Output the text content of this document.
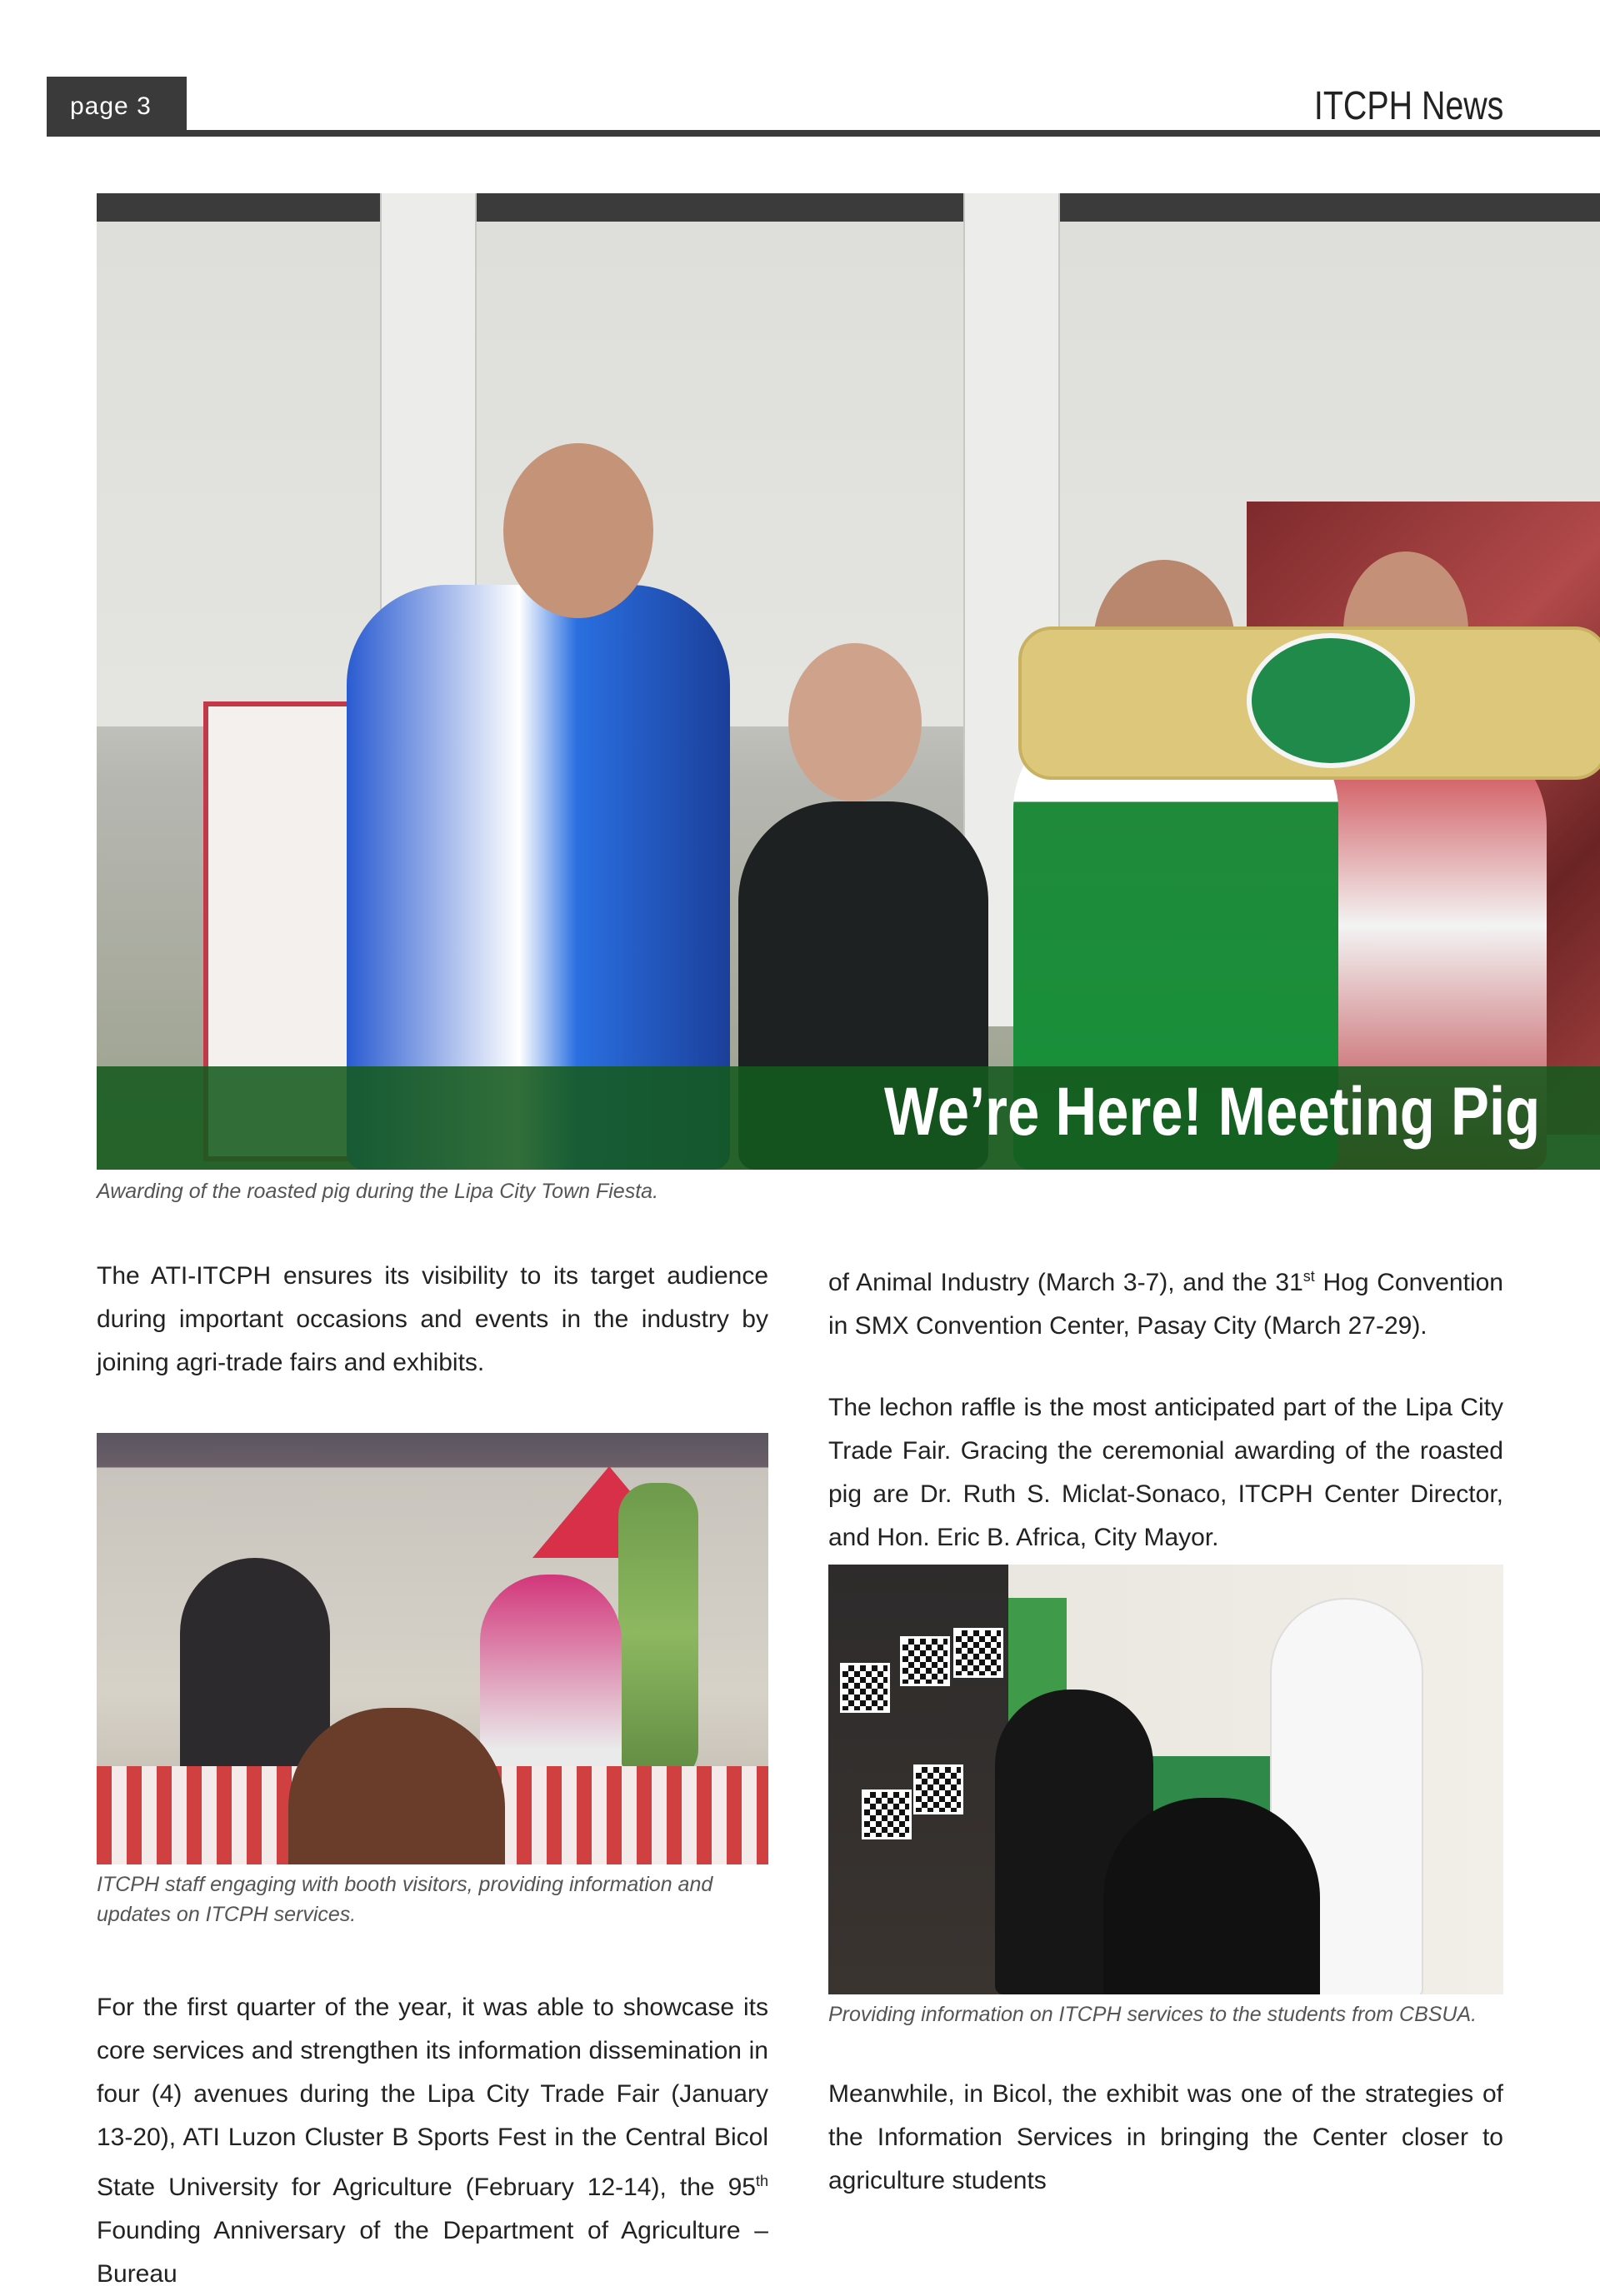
page 3	ITCPH News
We’re Here! Meeting Pig
Awarding of the roasted pig during the Lipa City Town Fiesta.

The ATI-ITCPH ensures its visibility to its target audience during important occasions and events in the industry by joining agri-trade fairs and exhibits.

ITCPH staff engaging with booth visitors, providing information and updates on ITCPH services.

For the first quarter of the year, it was able to showcase its core services and strengthen its information dissemination in four (4) avenues during the Lipa City Trade Fair (January 13-20), ATI Luzon Cluster B Sports Fest in the Central Bicol State University for Agriculture (February 12-14), the 95th Founding Anniversary of the Department of Agriculture – Bureau

of Animal Industry (March 3-7), and the 31st Hog Convention in SMX Convention Center, Pasay City (March 27-29).

The lechon raffle is the most anticipated part of the Lipa City Trade Fair. Gracing the ceremonial awarding of the roasted pig are Dr. Ruth S. Miclat-Sonaco, ITCPH Center Director, and Hon. Eric B. Africa, City Mayor.

Providing information on ITCPH services to the students from CBSUA.

Meanwhile, in Bicol, the exhibit was one of the strategies of the Information Services in bringing the Center closer to agriculture students
